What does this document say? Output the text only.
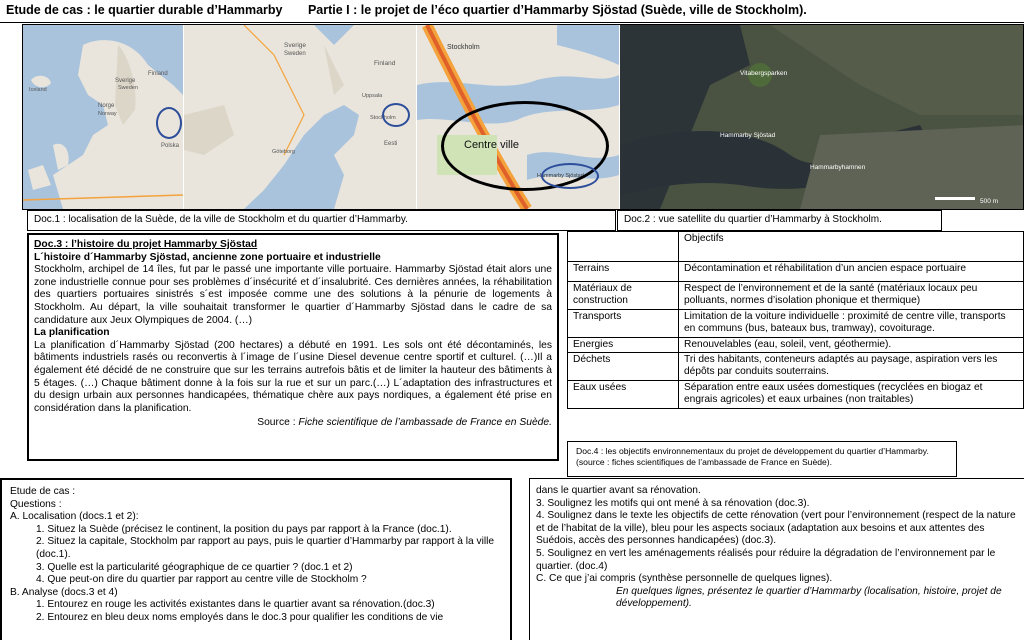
Etude de cas : le quartier durable d’Hammarby Partie I : le projet de l’éco quartier d’Hammarby Sjöstad (Suède, ville de Stockholm).
Sverige
Norge
Iceland
Norway
Sweden
Finland
Polska
Sverige
Sweden
Finland
Uppsala
Stockholm
Göteborg
Eesti
Stockholm
Centre ville
Hammarby Sjöstad
Vitabergsparken
Hammarby Sjöstad
Hammarbyhamnen
500 m
Doc.1 : localisation de la Suède, de la ville de Stockholm et du quartier d’Hammarby.	Doc.2 : vue satellite du quartier d’Hammarby à Stockholm.

Doc.3 : l’histoire du projet Hammarby Sjöstad

L´histoire d´Hammarby Sjöstad, ancienne zone portuaire et industrielle

Stockholm, archipel de 14 îles, fut par le passé une importante ville portuaire. Hammarby Sjöstad était alors une zone industrielle connue pour ses problèmes d´insécurité et d´insalubrité. Ces dernières années, la réhabilitation des quartiers portuaires sinistrés s´est imposée comme une des solutions à la pénurie de logements à Stockholm. Au départ, la ville souhaitait transformer le quartier d´Hammarby Sjöstad dans le cadre de sa candidature aux Jeux Olympiques de 2004. (…)

La planification

La planification d´Hammarby Sjöstad (200 hectares) a débuté en 1991. Les sols ont été décontaminés, les bâtiments industriels rasés ou reconvertis à l´image de l´usine Diesel devenue centre sportif et culturel. (…)Il a également été décidé de ne construire que sur les terrains autrefois bâtis et de limiter la hauteur des bâtiments à 5 étages. (…) Chaque bâtiment donne à la fois sur la rue et sur un parc.(…) L´adaptation des infrastructures et du design urbain aux personnes handicapées, thématique chère aux pays nordiques, a également été prise en considération dans la planification.

Source : Fiche scientifique de l’ambassade de France en Suède.

	Objectifs
Terrains	Décontamination et réhabilitation d’un ancien espace portuaire
Matériaux de construction	Respect de l’environnement et de la santé (matériaux locaux peu polluants, normes d’isolation phonique et thermique)
Transports	Limitation de la voiture individuelle : proximité de centre ville, transports en communs (bus, bateaux bus, tramway), covoiturage.
Energies	Renouvelables (eau, soleil, vent, géothermie).
Déchets	Tri des habitants, conteneurs adaptés au paysage, aspiration vers les dépôts par conduits souterrains.
Eaux usées	Séparation entre eaux usées domestiques (recyclées en biogaz et engrais agricoles) et eaux urbaines (non traitables)
Doc.4 : les objectifs environnementaux du projet de développement du quartier d’Hammarby. (source : fiches scientifiques de l’ambassade de France en Suède).

Etude de cas :

Questions :

A. Localisation (docs.1 et 2):

1. Situez la Suède (précisez le continent, la position du pays par rapport à la France (doc.1).

2. Situez la capitale, Stockholm par rapport au pays, puis le quartier d’Hammarby par rapport à la ville (doc.1).

3. Quelle est la particularité géographique de ce quartier ? (doc.1 et 2)

4. Que peut-on dire du quartier par rapport au centre ville de Stockholm ?

B. Analyse (docs.3 et 4)

1. Entourez en rouge les activités existantes dans le quartier avant sa rénovation.(doc.3)

2. Entourez en bleu deux noms employés dans le doc.3 pour qualifier les conditions de vie

dans le quartier avant sa rénovation.

3. Soulignez les motifs qui ont mené à sa rénovation (doc.3).

4. Soulignez dans le texte les objectifs de cette rénovation (vert pour l’environnement (respect de la nature et de l’habitat de la ville), bleu pour les aspects sociaux (adaptation aux besoins et aux attentes des Suédois, accès des personnes handicapées) (doc.3).

5. Soulignez en vert les aménagements réalisés pour réduire la dégradation de l’environnement par le quartier. (doc.4)

C. Ce que j’ai compris (synthèse personnelle de quelques lignes).

En quelques lignes, présentez le quartier d’Hammarby (localisation, histoire, projet de développement).
